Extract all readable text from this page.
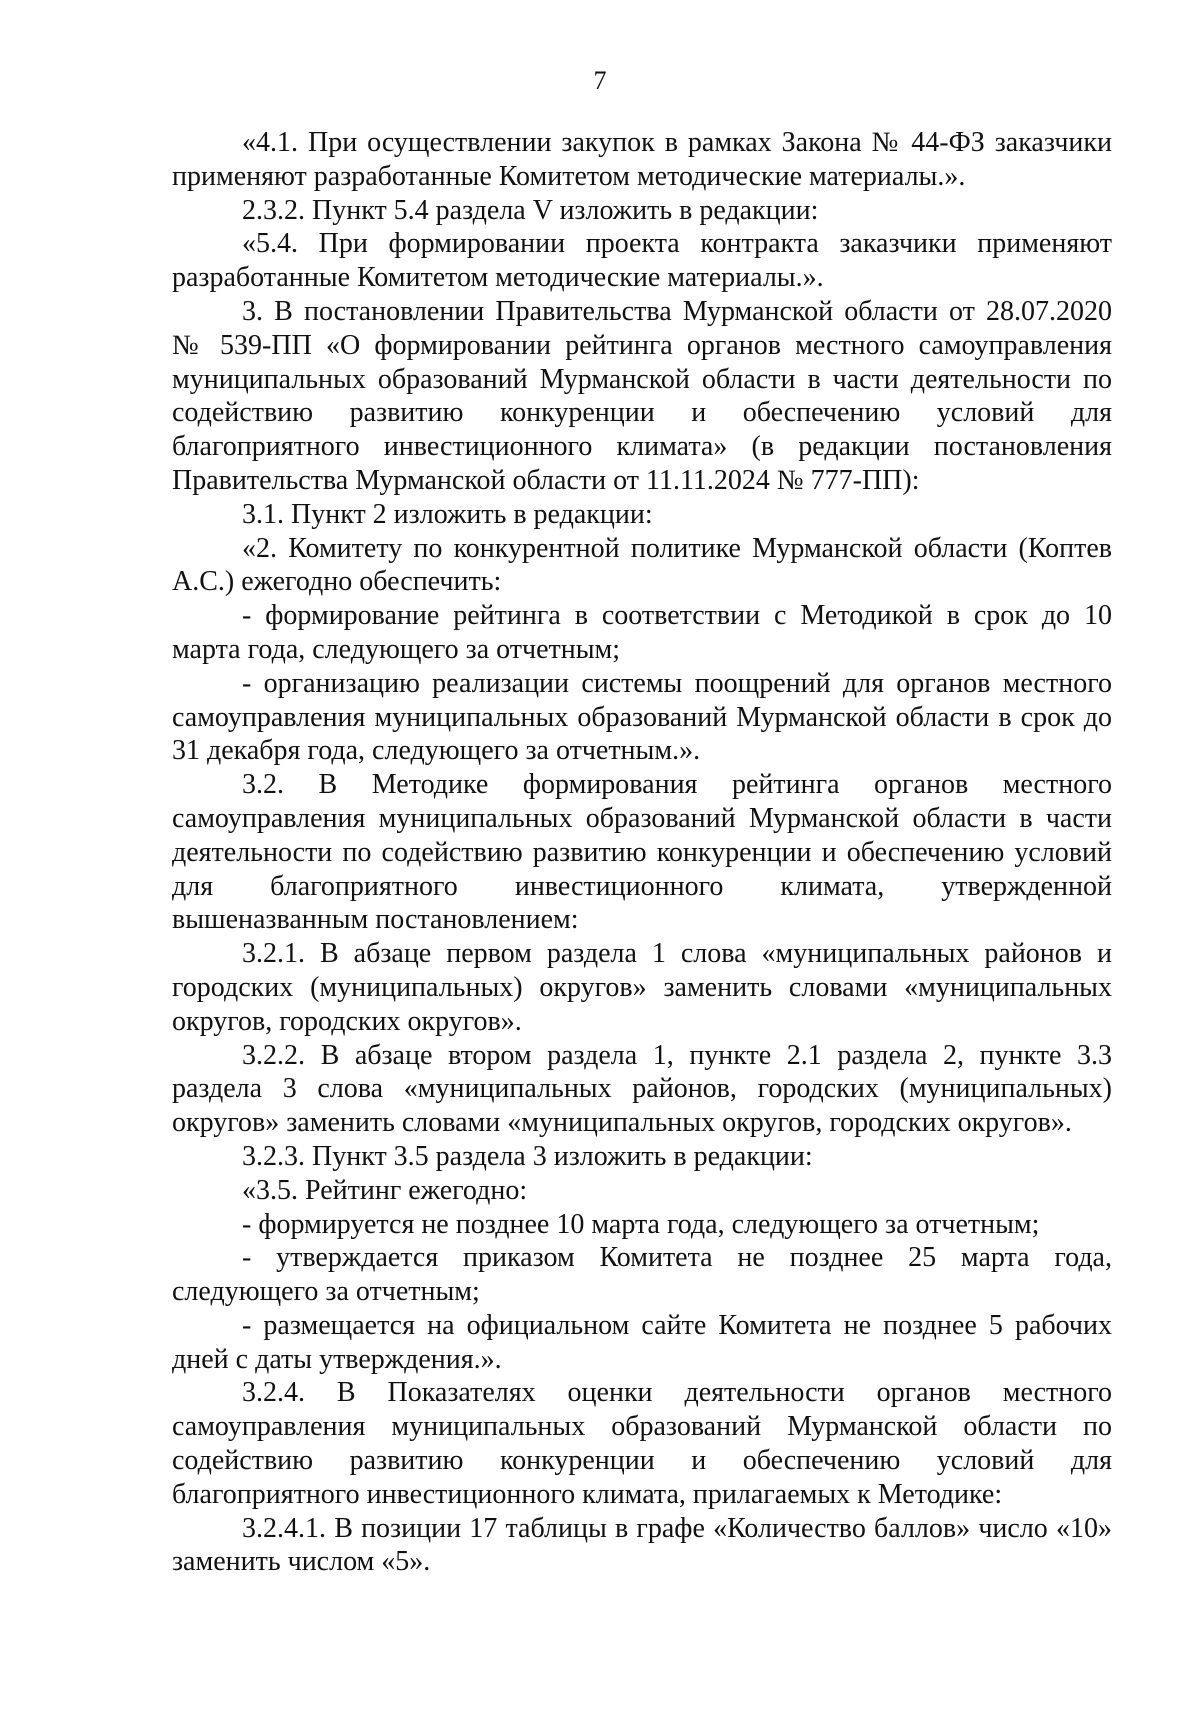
7

«4.1. При осуществлении закупок в рамках Закона № 44-ФЗ заказчики применяют разработанные Комитетом методические материалы.».

2.3.2. Пункт 5.4 раздела V изложить в редакции:

«5.4. При формировании проекта контракта заказчики применяют разработанные Комитетом методические материалы.».

3. В постановлении Правительства Мурманской области от 28.07.2020 № 539-ПП «О формировании рейтинга органов местного самоуправления муниципальных образований Мурманской области в части деятельности по содействию развитию конкуренции и обеспечению условий для благоприятного инвестиционного климата» (в редакции постановления Правительства Мурманской области от 11.11.2024 № 777-ПП):

3.1. Пункт 2 изложить в редакции:

«2. Комитету по конкурентной политике Мурманской области (Коптев А.С.) ежегодно обеспечить:

- формирование рейтинга в соответствии с Методикой в срок до 10 марта года, следующего за отчетным;

- организацию реализации системы поощрений для органов местного самоуправления муниципальных образований Мурманской области в срок до 31 декабря года, следующего за отчетным.».

3.2. В Методике формирования рейтинга органов местного самоуправления муниципальных образований Мурманской области в части деятельности по содействию развитию конкуренции и обеспечению условий для благоприятного инвестиционного климата, утвержденной вышеназванным постановлением:

3.2.1. В абзаце первом раздела 1 слова «муниципальных районов и городских (муниципальных) округов» заменить словами «муниципальных округов, городских округов».

3.2.2. В абзаце втором раздела 1, пункте 2.1 раздела 2, пункте 3.3 раздела 3 слова «муниципальных районов, городских (муниципальных) округов» заменить словами «муниципальных округов, городских округов».

3.2.3. Пункт 3.5 раздела 3 изложить в редакции:

«3.5. Рейтинг ежегодно:

- формируется не позднее 10 марта года, следующего за отчетным;

- утверждается приказом Комитета не позднее 25 марта года, следующего за отчетным;

- размещается на официальном сайте Комитета не позднее 5 рабочих дней с даты утверждения.».

3.2.4. В Показателях оценки деятельности органов местного самоуправления муниципальных образований Мурманской области по содействию развитию конкуренции и обеспечению условий для благоприятного инвестиционного климата, прилагаемых к Методике:

3.2.4.1. В позиции 17 таблицы в графе «Количество баллов» число «10» заменить числом «5».
